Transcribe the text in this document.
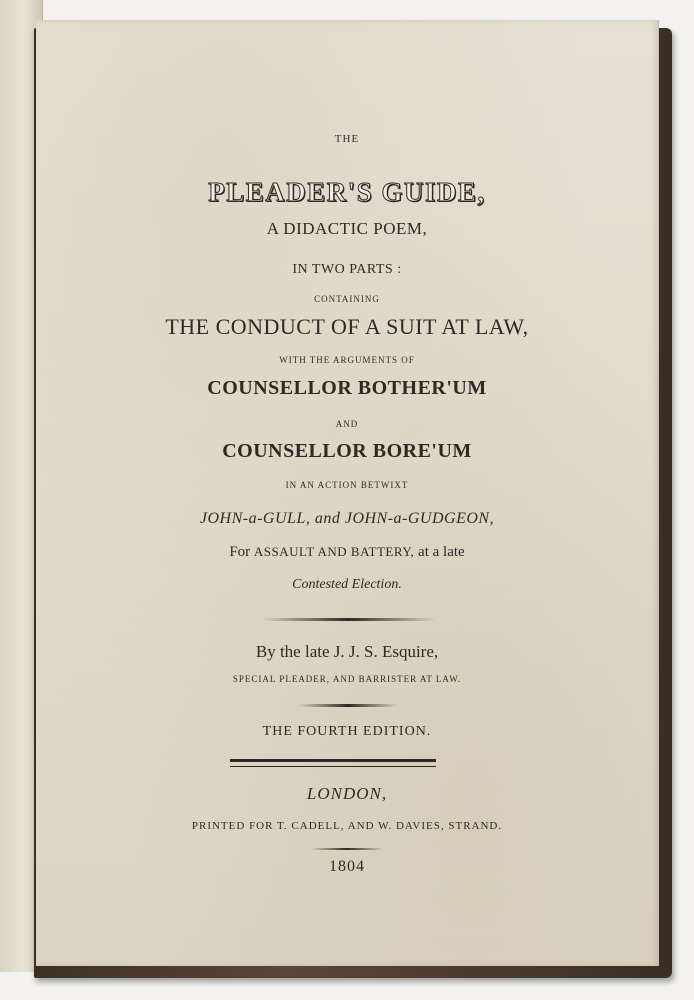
THE
PLEADER'S GUIDE,
A DIDACTIC POEM,
IN TWO PARTS :
CONTAINING
THE CONDUCT OF A SUIT AT LAW,
WITH THE ARGUMENTS OF
COUNSELLOR BOTHER'UM
AND
COUNSELLOR BORE'UM
IN AN ACTION BETWIXT
JOHN-a-GULL, and JOHN-a-GUDGEON,
For ASSAULT AND BATTERY, at a late
Contested Election.
By the late J. J. S. Esquire,
SPECIAL PLEADER, AND BARRISTER AT LAW.
THE FOURTH EDITION.
LONDON,
PRINTED FOR T. CADELL, AND W. DAVIES, STRAND.
1804
